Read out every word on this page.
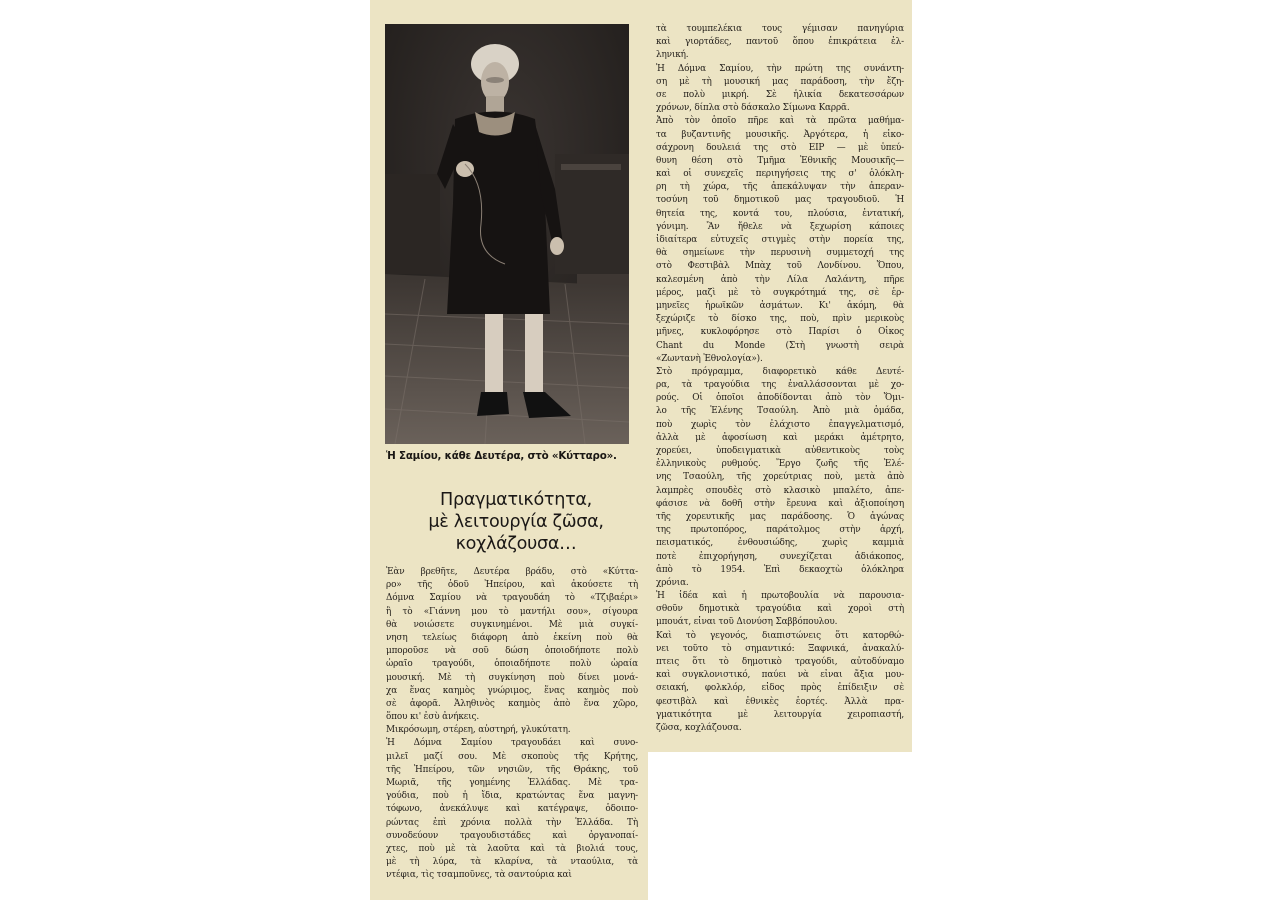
Ἡ Σαμίου, κάθε Δευτέρα, στὸ «Κύτταρο».
Πραγματικότητα,
μὲ λειτουργία ζῶσα,
κοχλάζουσα…
Ἐὰν βρεθῆτε, Δευτέρα βράδυ, στὸ «Κύττα-
ρο» τῆς ὁδοῦ Ἠπείρου, καὶ ἀκούσετε τὴ
Δόμνα Σαμίου νὰ τραγουδάη τὸ «Τζιβαέρι»
ἢ τὸ «Γιάννη μου τὸ μαντήλι σου», σίγουρα
θὰ νοιώσετε συγκινημένοι. Μὲ μιὰ συγκί-
νηση τελείως διάφορη ἀπὸ ἐκείνη ποὺ θὰ
μποροῦσε νὰ σοῦ δώση ὁποιοδήποτε πολὺ
ὡραῖο τραγούδι, ὁποιαδήποτε πολὺ ὡραία
μουσική. Μὲ τὴ συγκίνηση ποὺ δίνει μονά-
χα ἕνας καημὸς γνώριμος, ἕνας καημὸς ποὺ
σὲ ἀφορᾶ. Ἀληθινὸς καημὸς ἀπὸ ἕνα χῶρο,
ὅπου κι' ἐσὺ ἀνήκεις.
Μικρόσωμη, στέρεη, αὐστηρή, γλυκύτατη.
Ἡ Δόμνα Σαμίου τραγουδάει καὶ συνο-
μιλεῖ μαζί σου. Μὲ σκοποὺς τῆς Κρήτης,
τῆς Ἠπείρου, τῶν νησιῶν, τῆς Θράκης, τοῦ
Μωριᾶ, τῆς γοημένης Ἑλλάδας. Μὲ τρα-
γούδια, ποὺ ἡ ἴδια, κρατώντας ἕνα μαγνη-
τόφωνο, ἀνεκάλυψε καὶ κατέγραψε, ὁδοιπο-
ρώντας ἐπὶ χρόνια πολλὰ τὴν Ἑλλάδα. Τὴ
συνοδεύουν τραγουδιστάδες καὶ ὀργανοπαί-
χτες, ποὺ μὲ τὰ λαοῦτα καὶ τὰ βιολιά τους,
μὲ τὴ λύρα, τὰ κλαρίνα, τὰ νταούλια, τὰ
ντέφια, τὶς τσαμποῦνες, τὰ σαντούρια καὶ
τὰ τουμπελέκια τους γέμισαν πανηγύρια
καὶ γιορτάδες, παντοῦ ὅπου ἐπικράτεια ἑλ-
ληνική.
Ἡ Δόμνα Σαμίου, τὴν πρώτη της συνάντη-
ση μὲ τὴ μουσική μας παράδοση, τὴν ἔζη-
σε πολὺ μικρή. Σὲ ἡλικία δεκατεσσάρων
χρόνων, δίπλα στὸ δάσκαλο Σίμωνα Καρρᾶ.
Ἀπὸ τὸν ὁποῖο πῆρε καὶ τὰ πρῶτα μαθήμα-
τα βυζαντινῆς μουσικῆς. Ἀργότερα, ἡ εἰκο-
σάχρονη δουλειά της στὸ ΕΙΡ — μὲ ὑπεύ-
θυνη θέση στὸ Τμῆμα Ἐθνικῆς Μουσικῆς—
καὶ οἱ συνεχεῖς περιηγήσεις της σ' ὁλόκλη-
ρη τὴ χώρα, τῆς ἀπεκάλυψαν τὴν ἀπεραν-
τοσύνη τοῦ δημοτικοῦ μας τραγουδιοῦ. Ἡ
θητεία της, κοντά του, πλούσια, ἐντατική,
γόνιμη. Ἂν ἤθελε νὰ ξεχωρίση κάποιες
ἰδιαίτερα εὐτυχεῖς στιγμὲς στὴν πορεία της,
θὰ σημείωνε τὴν περυσινὴ συμμετοχή της
στὸ Φεστιβὰλ Μπὰχ τοῦ Λονδίνου. Ὅπου,
καλεσμένη ἀπὸ τὴν Λίλα Λαλάντη, πῆρε
μέρος, μαζὶ μὲ τὸ συγκρότημά της, σὲ ἑρ-
μηνεῖες ἡρωϊκῶν ἀσμάτων. Κι' ἀκόμη, θὰ
ξεχώριζε τὸ δίσκο της, ποὺ, πρὶν μερικοὺς
μῆνες, κυκλοφόρησε στὸ Παρίσι ὁ Οἶκος
Chant du Monde (Στὴ γνωστὴ σειρὰ
«Ζωντανὴ Ἐθνολογία»).
Στὸ πρόγραμμα, διαφορετικὸ κάθε Δευτέ-
ρα, τὰ τραγούδια της ἐναλλάσσονται μὲ χο-
ρούς. Οἱ ὁποῖοι ἀποδίδονται ἀπὸ τὸν Ὅμι-
λο τῆς Ἑλένης Τσαούλη. Ἀπὸ μιὰ ὁμάδα,
ποὺ χωρὶς τὸν ἐλάχιστο ἐπαγγελματισμό,
ἀλλὰ μὲ ἀφοσίωση καὶ μεράκι ἀμέτρητο,
χορεύει, ὑποδειγματικὰ αὐθεντικοὺς τοὺς
ἑλληνικοὺς ρυθμούς. Ἔργο ζωῆς τῆς Ἑλέ-
νης Τσαούλη, τῆς χορεύτριας ποὺ, μετὰ ἀπὸ
λαμπρὲς σπουδὲς στὸ κλασικὸ μπαλέτο, ἀπε-
φάσισε νὰ δοθῆ στὴν ἔρευνα καὶ ἀξιοποίηση
τῆς χορευτικῆς μας παράδοσης. Ὁ ἀγώνας
της πρωτοπόρος, παράτολμος στὴν ἀρχή,
πεισματικός, ἐνθουσιώδης, χωρὶς καμμιὰ
ποτὲ ἐπιχορήγηση, συνεχίζεται ἀδιάκοπος,
ἀπὸ τὸ 1954. Ἐπὶ δεκαοχτὼ ὁλόκληρα
χρόνια.
Ἡ ἰδέα καὶ ἡ πρωτοβουλία νὰ παρουσια-
σθοῦν δημοτικὰ τραγούδια καὶ χοροὶ στὴ
μπουάτ, εἶναι τοῦ Διονύση Σαββόπουλου.
Καὶ τὸ γεγονός, διαπιστώνεις ὅτι κατορθώ-
νει τοῦτο τὸ σημαντικό: Ξαφνικά, ἀνακαλύ-
πτεις ὅτι τὸ δημοτικὸ τραγούδι, αὐτοδύναμο
καὶ συγκλονιστικό, παύει νὰ εἶναι ἄξια μου-
σειακή, φολκλόρ, εἶδος πρὸς ἐπίδειξιν σὲ
φεστιβὰλ καὶ ἐθνικὲς ἑορτές. Ἀλλὰ πρα-
γματικότητα μὲ λειτουργία χειροπιαστή,
ζῶσα, κοχλάζουσα.
